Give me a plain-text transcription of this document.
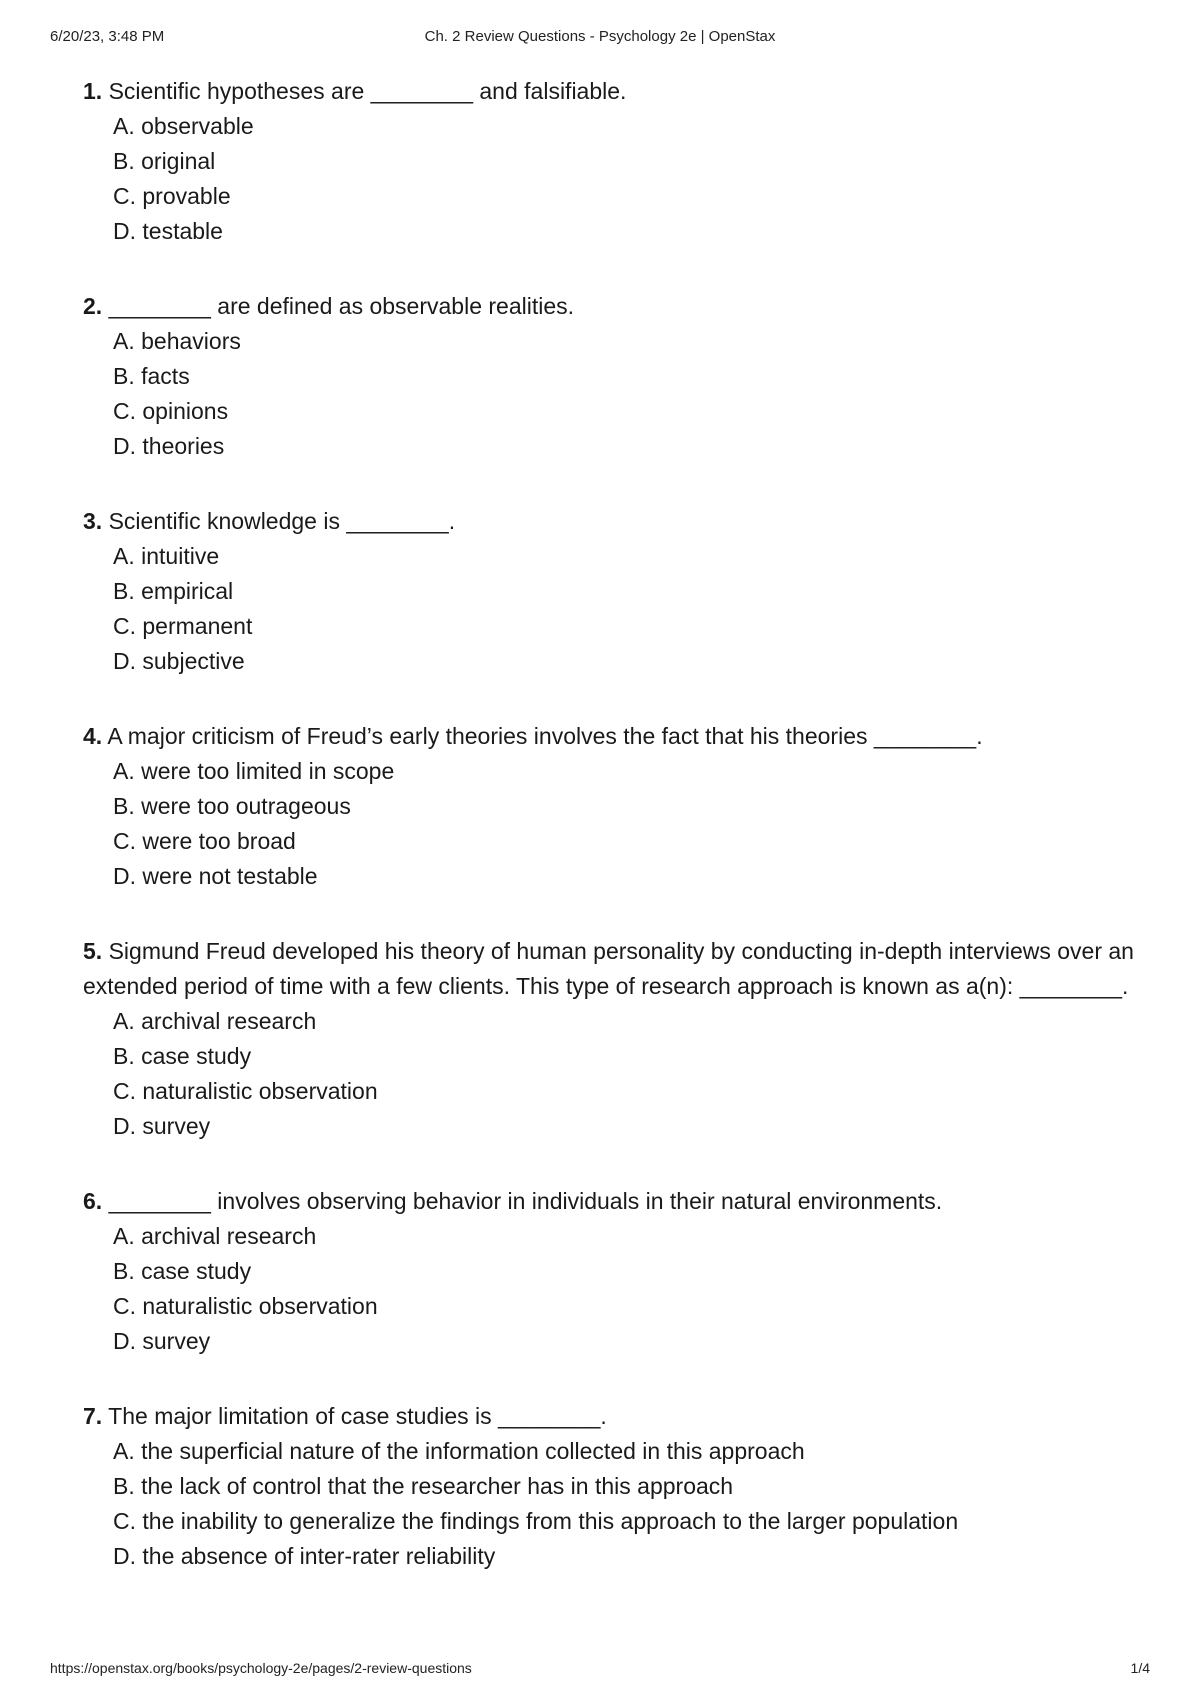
6/20/23, 3:48 PM	Ch. 2 Review Questions - Psychology 2e | OpenStax

1. Scientific hypotheses are ________ and falsifiable.

A. observable
B. original
C. provable
D. testable

2. ________ are defined as observable realities.

A. behaviors
B. facts
C. opinions
D. theories

3. Scientific knowledge is ________.

A. intuitive
B. empirical
C. permanent
D. subjective

4. A major criticism of Freud’s early theories involves the fact that his theories ________.

A. were too limited in scope
B. were too outrageous
C. were too broad
D. were not testable

5. Sigmund Freud developed his theory of human personality by conducting in-depth interviews over an extended period of time with a few clients. This type of research approach is known as a(n): ________.

A. archival research
B. case study
C. naturalistic observation
D. survey

6. ________ involves observing behavior in individuals in their natural environments.

A. archival research
B. case study
C. naturalistic observation
D. survey

7. The major limitation of case studies is ________.

A. the superficial nature of the information collected in this approach
B. the lack of control that the researcher has in this approach
C. the inability to generalize the findings from this approach to the larger population
D. the absence of inter-rater reliability
https://openstax.org/books/psychology-2e/pages/2-review-questions	1/4
